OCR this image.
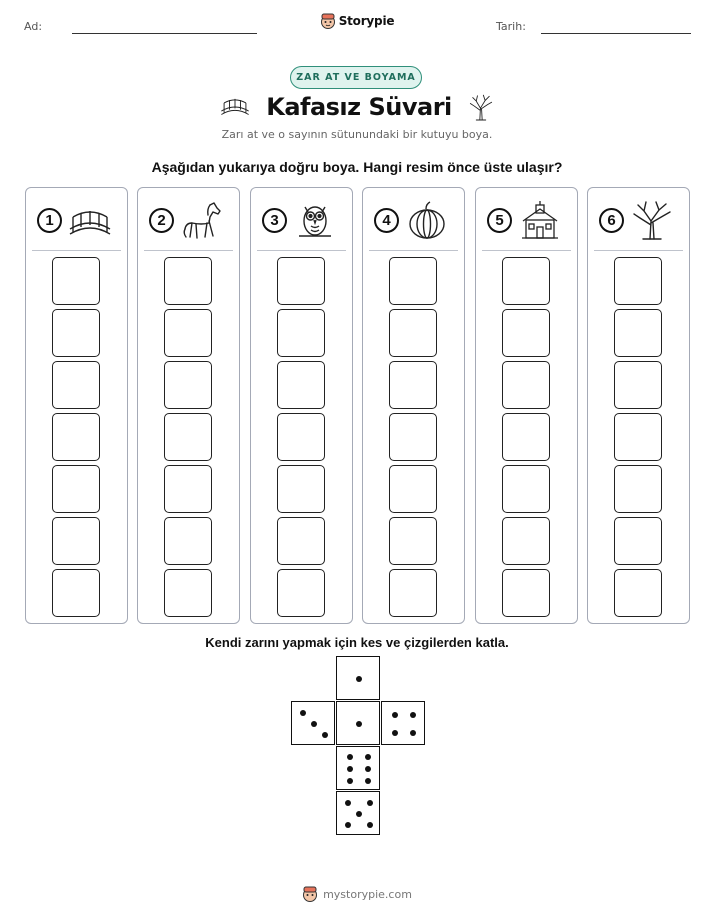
Ad:	Tarih:
Storypie
ZAR AT VE BOYAMA
Kafasız Süvari
Zarı at ve o sayının sütunundaki bir kutuyu boya.
Aşağıdan yukarıya doğru boya. Hangi resim önce üste ulaşır?
1	2	3	4	5	6
Kendi zarını yapmak için kes ve çizgilerden katla.
mystorypie.com
